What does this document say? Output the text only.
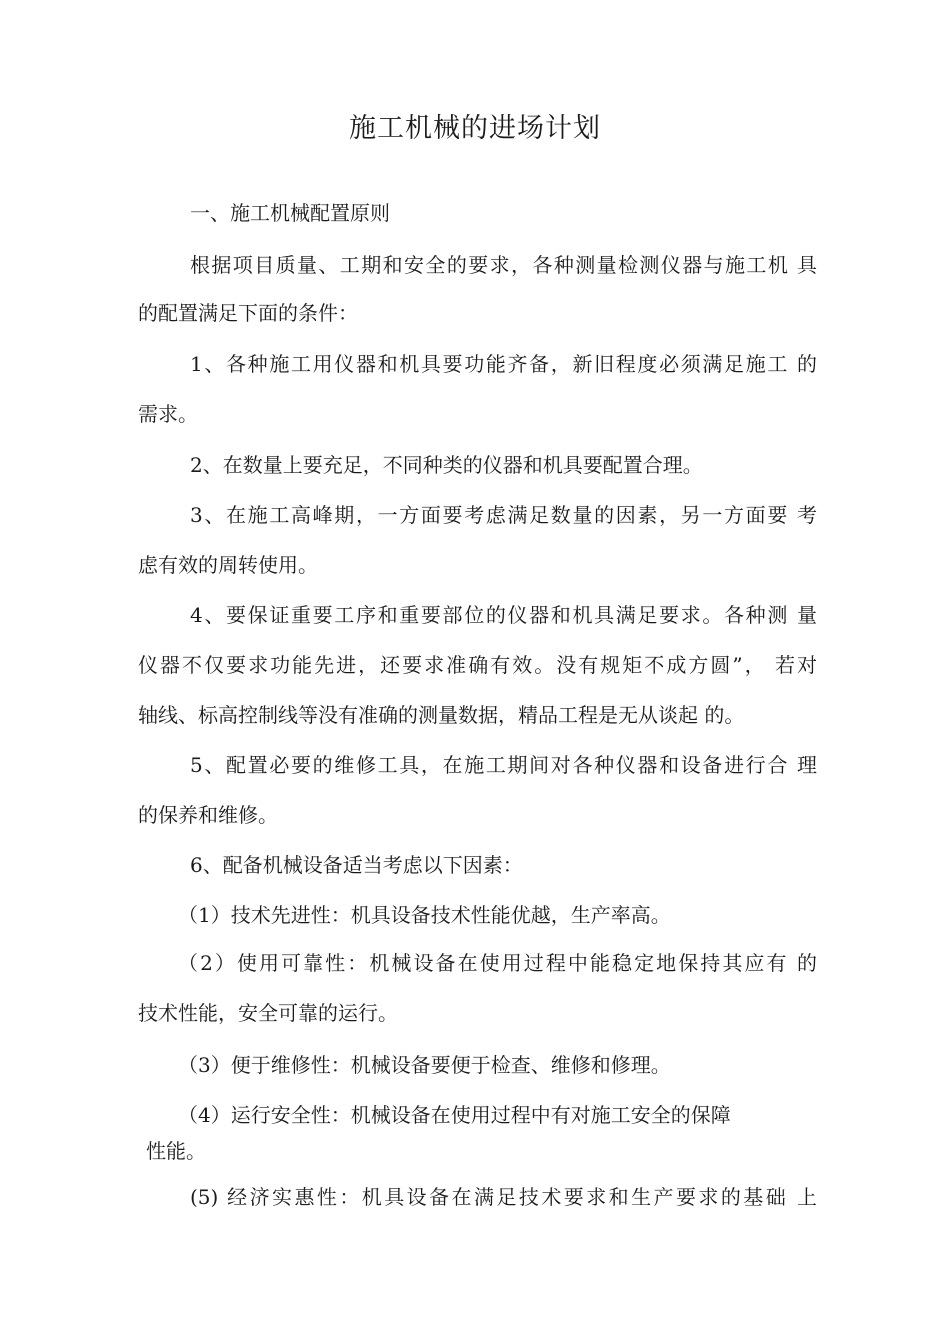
施工机械的进场计划
一、施工机械配置原则
根据项目质量、工期和安全的要求，各种测量检测仪器与施工机 具
的配置满足下面的条件：
1、各种施工用仪器和机具要功能齐备，新旧程度必须满足施工 的
需求。
2、在数量上要充足，不同种类的仪器和机具要配置合理。
3、在施工高峰期，一方面要考虑满足数量的因素，另一方面要 考
虑有效的周转使用。
4、要保证重要工序和重要部位的仪器和机具满足要求。各种测 量
仪器不仅要求功能先进，还要求准确有效。没有规矩不成方圆”， 若对
轴线、标高控制线等没有准确的测量数据，精品工程是无从谈起 的。
5、配置必要的维修工具，在施工期间对各种仪器和设备进行合 理
的保养和维修。
6、配备机械设备适当考虑以下因素：
（1）技术先进性：机具设备技术性能优越，生产率高。
（2）使用可靠性：机械设备在使用过程中能稳定地保持其应有 的
技术性能，安全可靠的运行。
（3）便于维修性：机械设备要便于检查、维修和修理。
（4）运行安全性：机械设备在使用过程中有对施工安全的保障
性能。
(5) 经济实惠性：机具设备在满足技术要求和生产要求的基础 上
